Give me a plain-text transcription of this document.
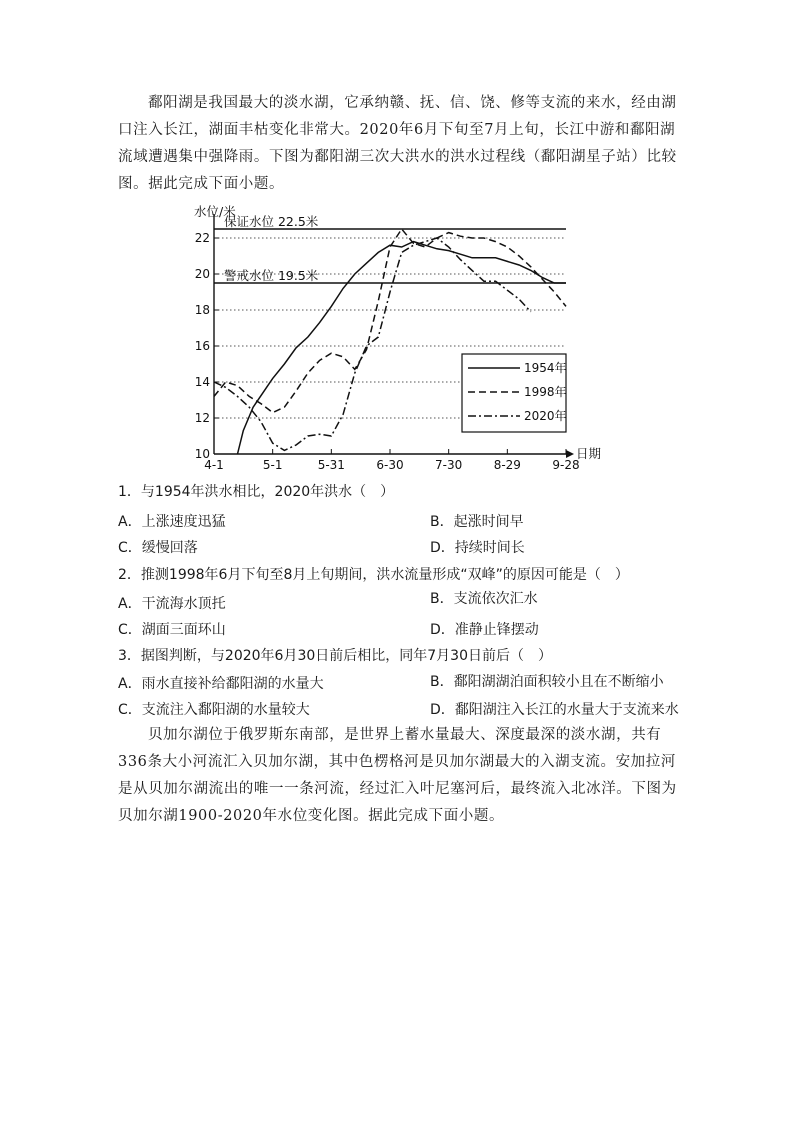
鄱阳湖是我国最大的淡水湖，它承纳赣、抚、信、饶、修等支流的来水，经由湖口注入长江，湖面丰枯变化非常大。2020年6月下旬至7月上旬，长江中游和鄱阳湖流域遭遇集中强降雨。下图为鄱阳湖三次大洪水的洪水过程线（鄱阳湖星子站）比较图。据此完成下面小题。

10
12
14
16
18
20
22
4-1	5-1	5-31	6-30	7-30	8-29	9-28
水位/米
日期
保证水位 22.5米
警戒水位 19.5米
1954年
1998年
2020年
1．与1954年洪水相比，2020年洪水（　）
A．上涨速度迅猛	B．起涨时间早
C．缓慢回落	D．持续时间长
2．推测1998年6月下旬至8月上旬期间，洪水流量形成“双峰”的原因可能是（　）
A．干流海水顶托	B．支流依次汇水
C．湖面三面环山	D．准静止锋摆动
3．据图判断，与2020年6月30日前后相比，同年7月30日前后（　）
A．雨水直接补给鄱阳湖的水量大	B．鄱阳湖湖泊面积较小且在不断缩小
C．支流注入鄱阳湖的水量较大	D．鄱阳湖注入长江的水量大于支流来水

贝加尔湖位于俄罗斯东南部，是世界上蓄水量最大、深度最深的淡水湖，共有336条大小河流汇入贝加尔湖，其中色楞格河是贝加尔湖最大的入湖支流。安加拉河是从贝加尔湖流出的唯一一条河流，经过汇入叶尼塞河后，最终流入北冰洋。下图为贝加尔湖1900-2020年水位变化图。据此完成下面小题。
